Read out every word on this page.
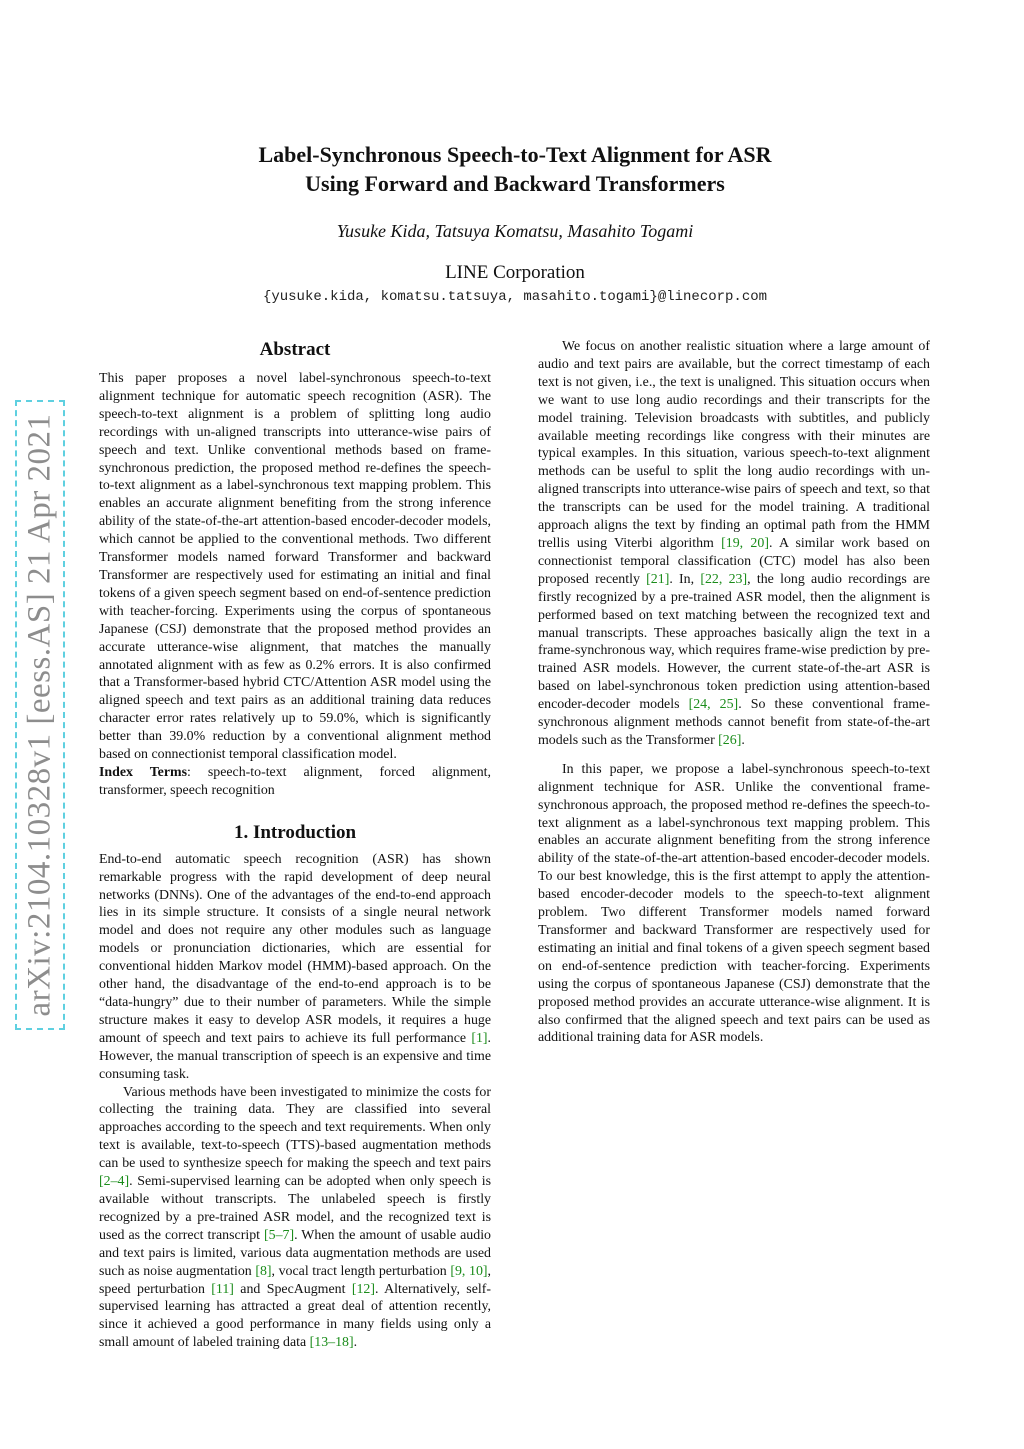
arXiv:2104.10328v1 [eess.AS] 21 Apr 2021
Label-Synchronous Speech-to-Text Alignment for ASR
Using Forward and Backward Transformers
Yusuke Kida, Tatsuya Komatsu, Masahito Togami
LINE Corporation
{yusuke.kida, komatsu.tatsuya, masahito.togami}@linecorp.com
Abstract

This paper proposes a novel label-synchronous speech-to-text alignment technique for automatic speech recognition (ASR). The speech-to-text alignment is a problem of splitting long audio recordings with un-aligned transcripts into utterance-wise pairs of speech and text. Unlike conventional methods based on frame-synchronous prediction, the proposed method re-defines the speech-to-text alignment as a label-synchronous text mapping problem. This enables an accurate alignment benefiting from the strong inference ability of the state-of-the-art attention-based encoder-decoder models, which cannot be applied to the conventional methods. Two different Transformer models named forward Transformer and backward Transformer are respectively used for estimating an initial and final tokens of a given speech segment based on end-of-sentence prediction with teacher-forcing. Experiments using the corpus of spontaneous Japanese (CSJ) demonstrate that the proposed method provides an accurate utterance-wise alignment, that matches the manually annotated alignment with as few as 0.2% errors. It is also confirmed that a Transformer-based hybrid CTC/Attention ASR model using the aligned speech and text pairs as an additional training data reduces character error rates relatively up to 59.0%, which is significantly better than 39.0% reduction by a conventional alignment method based on connectionist temporal classification model.

Index Terms: speech-to-text alignment, forced alignment, transformer, speech recognition

1. Introduction

End-to-end automatic speech recognition (ASR) has shown remarkable progress with the rapid development of deep neural networks (DNNs). One of the advantages of the end-to-end approach lies in its simple structure. It consists of a single neural network model and does not require any other modules such as language models or pronunciation dictionaries, which are essential for conventional hidden Markov model (HMM)-based approach. On the other hand, the disadvantage of the end-to-end approach is to be “data-hungry” due to their number of parameters. While the simple structure makes it easy to develop ASR models, it requires a huge amount of speech and text pairs to achieve its full performance [1]. However, the manual transcription of speech is an expensive and time consuming task.

Various methods have been investigated to minimize the costs for collecting the training data. They are classified into several approaches according to the speech and text requirements. When only text is available, text-to-speech (TTS)-based augmentation methods can be used to synthesize speech for making the speech and text pairs [2–4]. Semi-supervised learning can be adopted when only speech is available without transcripts. The unlabeled speech is firstly recognized by a pre-trained ASR model, and the recognized text is used as the correct transcript [5–7]. When the amount of usable audio and text pairs is limited, various data augmentation methods are used such as noise augmentation [8], vocal tract length perturbation [9, 10], speed perturbation [11] and SpecAugment [12]. Alternatively, self-supervised learning has attracted a great deal of attention recently, since it achieved a good performance in many fields using only a small amount of labeled training data [13–18].

We focus on another realistic situation where a large amount of audio and text pairs are available, but the correct timestamp of each text is not given, i.e., the text is unaligned. This situation occurs when we want to use long audio recordings and their transcripts for the model training. Television broadcasts with subtitles, and publicly available meeting recordings like congress with their minutes are typical examples. In this situation, various speech-to-text alignment methods can be useful to split the long audio recordings with un-aligned transcripts into utterance-wise pairs of speech and text, so that the transcripts can be used for the model training. A traditional approach aligns the text by finding an optimal path from the HMM trellis using Viterbi algorithm [19, 20]. A similar work based on connectionist temporal classification (CTC) model has also been proposed recently [21]. In, [22, 23], the long audio recordings are firstly recognized by a pre-trained ASR model, then the alignment is performed based on text matching between the recognized text and manual transcripts. These approaches basically align the text in a frame-synchronous way, which requires frame-wise prediction by pre-trained ASR models. However, the current state-of-the-art ASR is based on label-synchronous token prediction using attention-based encoder-decoder models [24, 25]. So these conventional frame-synchronous alignment methods cannot benefit from state-of-the-art models such as the Transformer [26].

In this paper, we propose a label-synchronous speech-to-text alignment technique for ASR. Unlike the conventional frame-synchronous approach, the proposed method re-defines the speech-to-text alignment as a label-synchronous text mapping problem. This enables an accurate alignment benefiting from the strong inference ability of the state-of-the-art attention-based encoder-decoder models. To our best knowledge, this is the first attempt to apply the attention-based encoder-decoder models to the speech-to-text alignment problem. Two different Transformer models named forward Transformer and backward Transformer are respectively used for estimating an initial and final tokens of a given speech segment based on end-of-sentence prediction with teacher-forcing. Experiments using the corpus of spontaneous Japanese (CSJ) demonstrate that the proposed method provides an accurate utterance-wise alignment. It is also confirmed that the aligned speech and text pairs can be used as additional training data for ASR models.
